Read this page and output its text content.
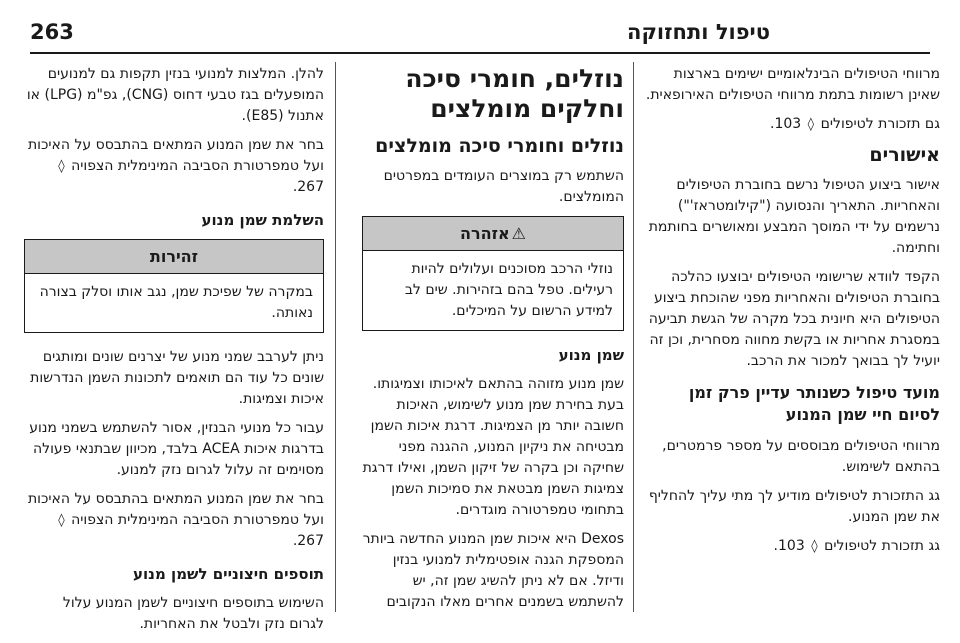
263	טיפול ותחזוקה

מרווחי הטיפולים הבינלאומיים ישימים בארצות שאינן רשומות בתמת מרווחי הטיפולים האירופאית.

גם תזכורת לטיפולים ◊ 103.

אישורים

אישור ביצוע הטיפול נרשם בחוברת הטיפולים והאחריות. התאריך והנסועה ("קילומטראז'") נרשמים על ידי המוסך המבצע ומאושרים בחותמת וחתימה.

הקפד לוודא שרישומי הטיפולים יבוצעו כהלכה בחוברת הטיפולים והאחריות מפני שהוכחת ביצוע הטיפולים היא חיונית בכל מקרה של הגשת תביעה במסגרת אחריות או בקשת מחווה מסחרית, וכן זה יועיל לך בבואך למכור את הרכב.

מועד טיפול כשנותר עדיין פרק זמן לסיום חיי שמן המנוע

מרווחי הטיפולים מבוססים על מספר פרמטרים, בהתאם לשימוש.

גג התזכורת לטיפולים מודיע לך מתי עליך להחליף את שמן המנוע.

גג תזכורת לטיפולים ◊ 103.

נוזלים, חומרי סיכה וחלקים מומלצים
נוזלים וחומרי סיכה מומלצים

השתמש רק במוצרים העומדים במפרטים המומלצים.

⚠אזהרה
נוזלי הרכב מסוכנים ועלולים להיות רעילים. טפל בהם בזהירות. שים לב למידע הרשום על המיכלים.
שמן מנוע

שמן מנוע מזוהה בהתאם לאיכותו וצמיגותו. בעת בחירת שמן מנוע לשימוש, האיכות חשובה יותר מן הצמיגות. דרגת איכות השמן מבטיחה את ניקיון המנוע, ההגנה מפני שחיקה וכן בקרה של זיקון השמן, ואילו דרגת צמיגות השמן מבטאת את סמיכות השמן בתחומי טמפרטורה מוגדרים.

Dexos היא איכות שמן המנוע החדשה ביותר המספקת הגנה אופטימלית למנועי בנזין ודיזל. אם לא ניתן להשיג שמן זה, יש להשתמש בשמנים אחרים מאלו הנקובים

להלן. המלצות למנועי בנזין תקפות גם למנועים המופעלים בגז טבעי דחוס (CNG), גפ"מ (LPG) או אתנול (E85).

בחר את שמן המנוע המתאים בהתבסס על האיכות ועל טמפרטורת הסביבה המינימלית הצפויה ◊ 267.

השלמת שמן מנוע
זהירות
במקרה של שפיכת שמן, נגב אותו וסלק בצורה נאותה.

ניתן לערבב שמני מנוע של יצרנים שונים ומותגים שונים כל עוד הם תואמים לתכונות השמן הנדרשות איכות וצמיגות.

עבור כל מנועי הבנזין, אסור להשתמש בשמני מנוע בדרגות איכות ACEA בלבד, מכיוון שבתנאי פעולה מסוימים זה עלול לגרום נזק למנוע.

בחר את שמן המנוע המתאים בהתבסס על האיכות ועל טמפרטורת הסביבה המינימלית הצפויה ◊ 267.

תוספים חיצוניים לשמן מנוע

השימוש בתוספים חיצוניים לשמן המנוע עלול לגרום נזק ולבטל את האחריות.
